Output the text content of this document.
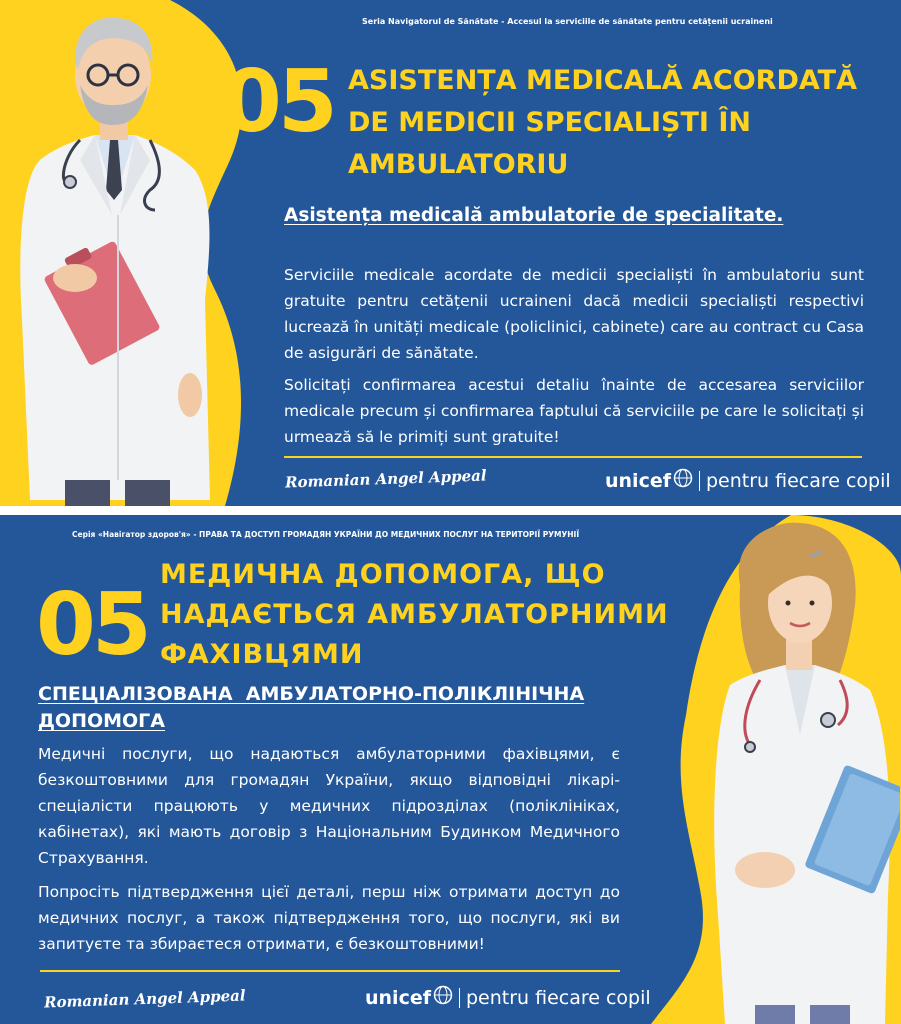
Seria Navigatorul de Sănătate - Accesul la serviciile de sănătate pentru cetățenii ucraineni
05 ASISTENȚA MEDICALĂ ACORDATĂ
DE MEDICII SPECIALIȘTI ÎN
AMBULATORIU
Asistența medicală ambulatorie de specialitate.
Serviciile medicale acordate de medicii specialiști în ambulatoriu sunt gratuite pentru cetățenii ucraineni dacă medicii specialiști respectivi lucrează în unități medicale (policlinici, cabinete) care au contract cu Casa de asigurări de sănătate.
Solicitați confirmarea acestui detaliu înainte de accesarea serviciilor medicale precum și confirmarea faptului că serviciile pe care le solicitați și urmează să le primiți sunt gratuite!
Romanian Angel Appeal	unicef pentru fiecare copil
Серія «Навігатор здоров'я» - ПРАВА ТА ДОСТУП ГРОМАДЯН УКРАЇНИ ДО МЕДИЧНИХ ПОСЛУГ НА ТЕРИТОРІЇ РУМУНІЇ
05
МЕДИЧНА ДОПОМОГА, ЩО
НАДАЄТЬСЯ АМБУЛАТОРНИМИ
ФАХІВЦЯМИ
СПЕЦІАЛІЗОВАНА  АМБУЛАТОРНО-ПОЛІКЛІНІЧНА
ДОПОМОГА
Медичні послуги, що надаються амбулаторними фахівцями, є безкоштовними для громадян України, якщо відповідні лікарі-спеціалісти працюють у медичних підрозділах (поліклініках, кабінетах), які мають договір з Національним Будинком Медичного Страхування.
Попросіть підтвердження цієї деталі, перш ніж отримати доступ до медичних послуг, а також підтвердження того, що послуги, які ви запитуєте та збираєтеся отримати, є безкоштовними!
Romanian Angel Appeal	unicef pentru fiecare copil
